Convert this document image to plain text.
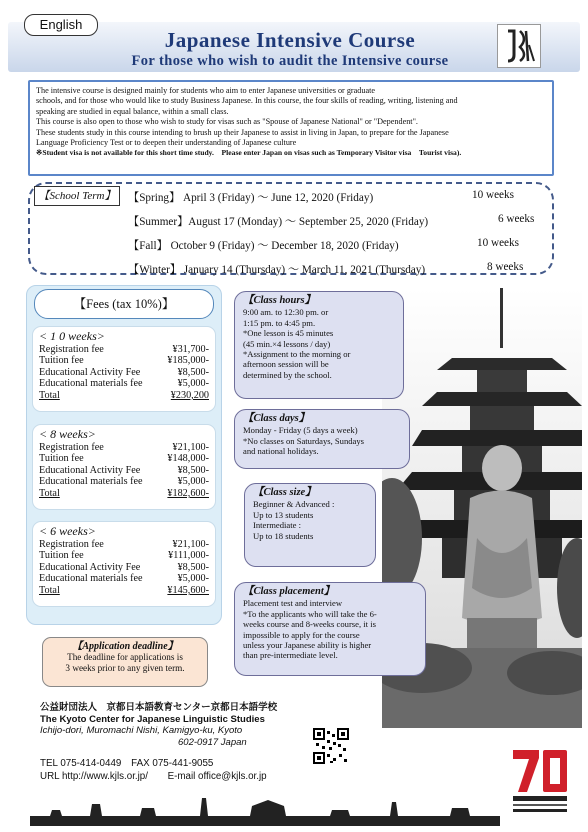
English
Japanese Intensive Course
For those who wish to audit the Intensive course

The intensive course is designed mainly for students who aim to enter Japanese universities or graduate

schools, and for those who would like to study Business Japanese. In this course, the four skills of reading, writing, listening and

speaking are studied in equal balance, within a small class.

This course is also open to those who wish to study for visas such as "Spouse of Japanese National" or "Dependent".

These students study in this course intending to brush up their Japanese to assist in living in Japan, to prepare for the Japanese

Language Proficiency Test or to deepen their understanding of Japanese culture

※Student visa is not available for this short time study.　Please enter Japan on visas such as Temporary Visitor visa　Tourist visa).

【School Term】	【Spring】 April 3 (Friday) ～ June 12, 2020 (Friday)	10 weeks
【Summer】August 17 (Monday) ～ September 25, 2020 (Friday)	6 weeks
【Fall】 October 9 (Friday) ～ December 18, 2020 (Friday)	10 weeks
【Winter】 January 14 (Thursday) ～ March 11, 2021 (Thursday)	8 weeks
【Fees (tax 10%)】
< 1 0 weeks>
Registration fee	¥31,700-
Tuition fee	¥185,000-
Educational Activity Fee	¥8,500-
Educational materials fee	¥5,000-
Total	¥230,200
< 8 weeks>
Registration fee	¥21,100-
Tuition fee	¥148,000-
Educational Activity Fee	¥8,500-
Educational materials fee	¥5,000-
Total	¥182,600-
< 6 weeks>
Registration fee	¥21,100-
Tuition fee	¥111,000-
Educational Activity Fee	¥8,500-
Educational materials fee	¥5,000-
Total	¥145,600-
【Application deadline】
The deadline for applications is
3 weeks prior to any given term.
【Class hours】

9:00 am. to 12:30 pm. or

1:15 pm. to 4:45 pm.

*One lesson is 45 minutes

(45 min.×4 lessons / day)

*Assignment to the morning or

afternoon session will be

determined by the school.

【Class days】

Monday - Friday (5 days a week)

*No classes on Saturdays, Sundays

and national holidays.

【Class size】

Beginner & Advanced :

Up to 13 students

Intermediate :

Up to 18 students

【Class placement】

Placement test and interview

*To the applicants who will take the 6-

weeks course and 8-weeks course, it is

impossible to apply for the course

unless your Japanese ability is higher

than pre-intermediate level.

公益財団法人　京都日本語教育センター京都日本語学校
The Kyoto Center for Japanese Linguistic Studies
Ichijo-dori, Muromachi Nishi, Kamigyo-ku, Kyoto
602-0917 Japan
TEL 075-414-0449　FAX 075-441-9055
URL http://www.kjls.or.jp/　　E-mail office@kjls.or.jp
